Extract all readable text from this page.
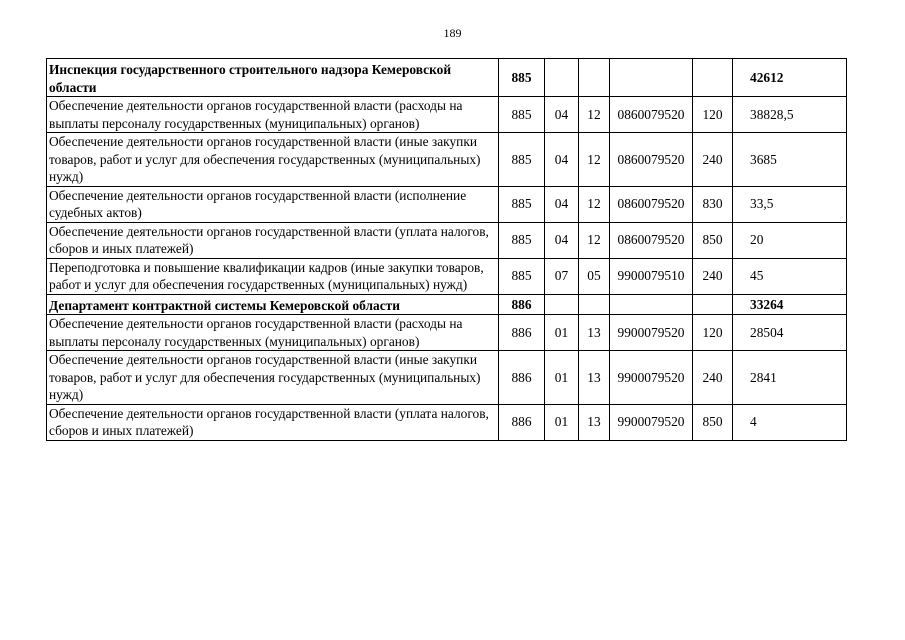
189
Инспекция государственного строительного надзора Кемеровской области	885					42612
Обеспечение деятельности органов государственной власти (расходы на выплаты персоналу государственных (муниципальных) органов)	885	04	12	0860079520	120	38828,5
Обеспечение деятельности органов государственной власти (иные закупки товаров, работ и услуг для обеспечения государственных (муниципальных) нужд)	885	04	12	0860079520	240	3685
Обеспечение деятельности органов государственной власти (исполнение судебных актов)	885	04	12	0860079520	830	33,5
Обеспечение деятельности органов государственной власти (уплата налогов, сборов и иных платежей)	885	04	12	0860079520	850	20
Переподготовка и повышение квалификации кадров (иные закупки товаров, работ и услуг для обеспечения государственных (муниципальных) нужд)	885	07	05	9900079510	240	45
Департамент контрактной системы Кемеровской области	886					33264
Обеспечение деятельности органов государственной власти (расходы на выплаты персоналу государственных (муниципальных) органов)	886	01	13	9900079520	120	28504
Обеспечение деятельности органов государственной власти (иные закупки товаров, работ и услуг для обеспечения государственных (муниципальных) нужд)	886	01	13	9900079520	240	2841
Обеспечение деятельности органов государственной власти (уплата налогов, сборов и иных платежей)	886	01	13	9900079520	850	4
